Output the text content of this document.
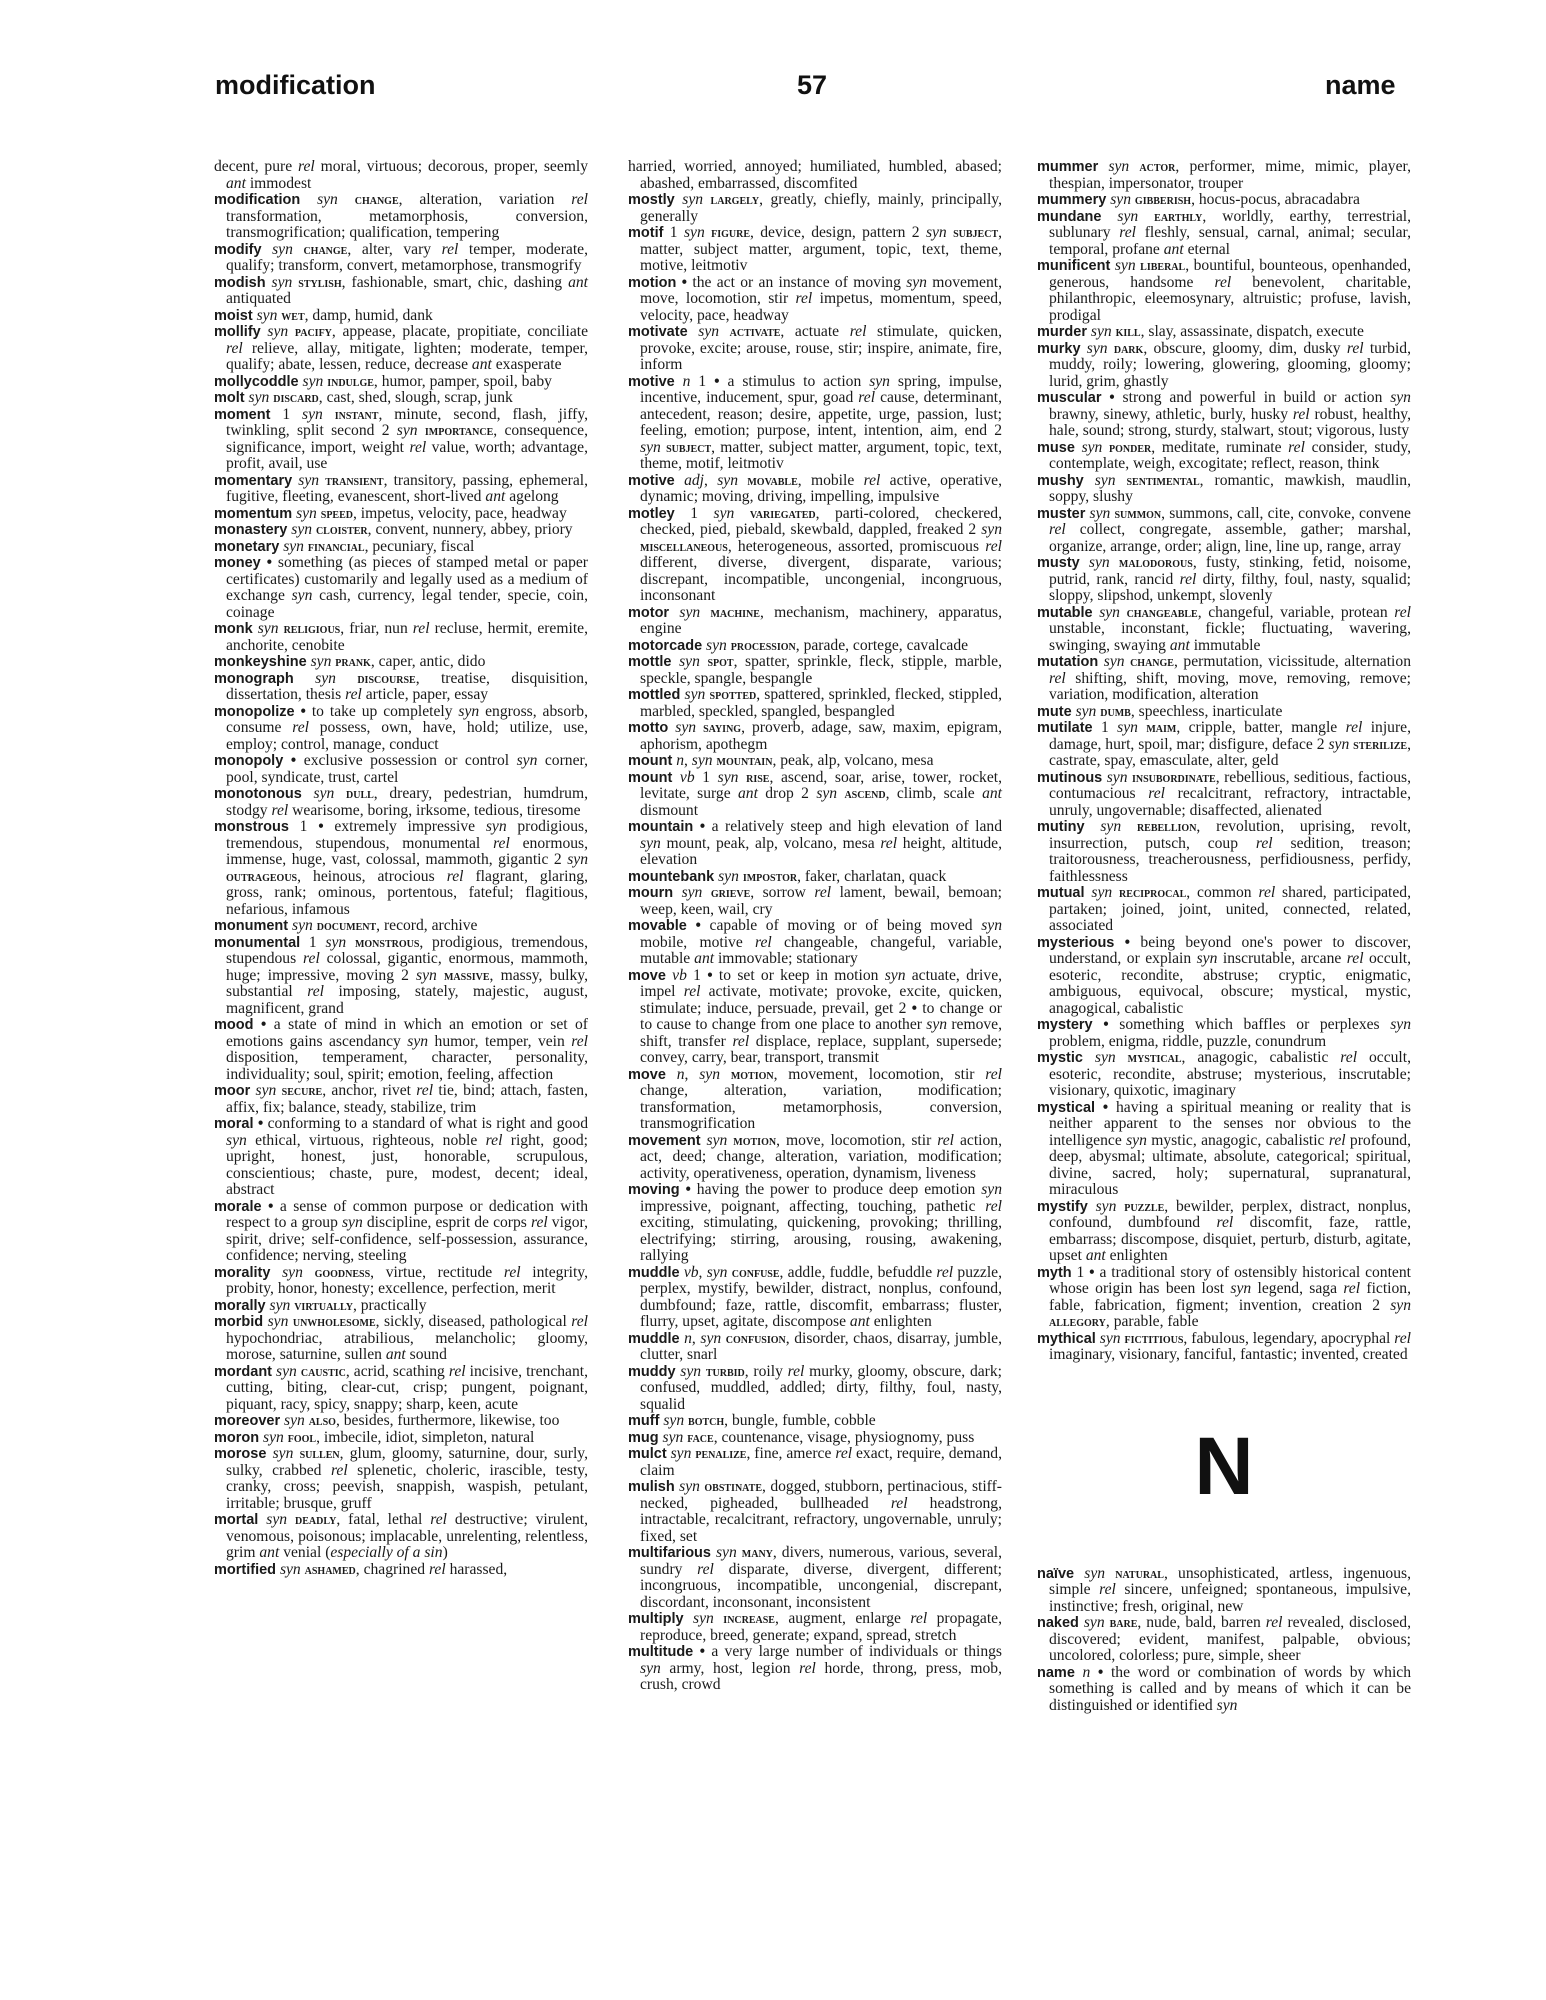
modification	57	name

decent, pure rel moral, virtuous; decorous, proper, seemly ant immodest

modification syn change, alteration, variation rel transformation, metamorphosis, conversion, transmogrification; qualification, tempering

modify syn change, alter, vary rel temper, moderate, qualify; transform, convert, metamorphose, transmogrify

modish syn stylish, fashionable, smart, chic, dashing ant antiquated

moist syn wet, damp, humid, dank

mollify syn pacify, appease, placate, propitiate, conciliate rel relieve, allay, mitigate, lighten; moderate, temper, qualify; abate, lessen, reduce, decrease ant exasperate

mollycoddle syn indulge, humor, pamper, spoil, baby

molt syn discard, cast, shed, slough, scrap, junk

moment 1 syn instant, minute, second, flash, jiffy, twinkling, split second 2 syn importance, consequence, significance, import, weight rel value, worth; advantage, profit, avail, use

momentary syn transient, transitory, passing, ephemeral, fugitive, fleeting, evanescent, short-lived ant agelong

momentum syn speed, impetus, velocity, pace, headway

monastery syn cloister, convent, nunnery, abbey, priory

monetary syn financial, pecuniary, fiscal

money • something (as pieces of stamped metal or paper certificates) customarily and legally used as a medium of exchange syn cash, currency, legal tender, specie, coin, coinage

monk syn religious, friar, nun rel recluse, hermit, eremite, anchorite, cenobite

monkeyshine syn prank, caper, antic, dido

monograph syn discourse, treatise, disquisition, dissertation, thesis rel article, paper, essay

monopolize • to take up completely syn engross, absorb, consume rel possess, own, have, hold; utilize, use, employ; control, manage, conduct

monopoly • exclusive possession or control syn corner, pool, syndicate, trust, cartel

monotonous syn dull, dreary, pedestrian, humdrum, stodgy rel wearisome, boring, irksome, tedious, tiresome

monstrous 1 • extremely impressive syn prodigious, tremendous, stupendous, monumental rel enormous, immense, huge, vast, colossal, mammoth, gigantic 2 syn outrageous, heinous, atrocious rel flagrant, glaring, gross, rank; ominous, portentous, fateful; flagitious, nefarious, infamous

monument syn document, record, archive

monumental 1 syn monstrous, prodigious, tremendous, stupendous rel colossal, gigantic, enormous, mammoth, huge; impressive, moving 2 syn massive, massy, bulky, substantial rel imposing, stately, majestic, august, magnificent, grand

mood • a state of mind in which an emotion or set of emotions gains ascendancy syn humor, temper, vein rel disposition, temperament, character, personality, individuality; soul, spirit; emotion, feeling, affection

moor syn secure, anchor, rivet rel tie, bind; attach, fasten, affix, fix; balance, steady, stabilize, trim

moral • conforming to a standard of what is right and good syn ethical, virtuous, righteous, noble rel right, good; upright, honest, just, honorable, scrupulous, conscientious; chaste, pure, modest, decent; ideal, abstract

morale • a sense of common purpose or dedication with respect to a group syn discipline, esprit de corps rel vigor, spirit, drive; self-confidence, self-possession, assurance, confidence; nerving, steeling

morality syn goodness, virtue, rectitude rel integrity, probity, honor, honesty; excellence, perfection, merit

morally syn virtually, practically

morbid syn unwholesome, sickly, diseased, pathological rel hypochondriac, atrabilious, melancholic; gloomy, morose, saturnine, sullen ant sound

mordant syn caustic, acrid, scathing rel incisive, trenchant, cutting, biting, clear-cut, crisp; pungent, poignant, piquant, racy, spicy, snappy; sharp, keen, acute

moreover syn also, besides, furthermore, likewise, too

moron syn fool, imbecile, idiot, simpleton, natural

morose syn sullen, glum, gloomy, saturnine, dour, surly, sulky, crabbed rel splenetic, choleric, irascible, testy, cranky, cross; peevish, snappish, waspish, petulant, irritable; brusque, gruff

mortal syn deadly, fatal, lethal rel destructive; virulent, venomous, poisonous; implacable, unrelenting, relentless, grim ant venial (especially of a sin)

mortified syn ashamed, chagrined rel harassed,

harried, worried, annoyed; humiliated, humbled, abased; abashed, embarrassed, discomfited

mostly syn largely, greatly, chiefly, mainly, principally, generally

motif 1 syn figure, device, design, pattern 2 syn subject, matter, subject matter, argument, topic, text, theme, motive, leitmotiv

motion • the act or an instance of moving syn movement, move, locomotion, stir rel impetus, momentum, speed, velocity, pace, headway

motivate syn activate, actuate rel stimulate, quicken, provoke, excite; arouse, rouse, stir; inspire, animate, fire, inform

motive n 1 • a stimulus to action syn spring, impulse, incentive, inducement, spur, goad rel cause, determinant, antecedent, reason; desire, appetite, urge, passion, lust; feeling, emotion; purpose, intent, intention, aim, end 2 syn subject, matter, subject matter, argument, topic, text, theme, motif, leitmotiv

motive adj, syn movable, mobile rel active, operative, dynamic; moving, driving, impelling, impulsive

motley 1 syn variegated, parti-colored, checkered, checked, pied, piebald, skewbald, dappled, freaked 2 syn miscellaneous, heterogeneous, assorted, promiscuous rel different, diverse, divergent, disparate, various; discrepant, incompatible, uncongenial, incongruous, inconsonant

motor syn machine, mechanism, machinery, apparatus, engine

motorcade syn procession, parade, cortege, cavalcade

mottle syn spot, spatter, sprinkle, fleck, stipple, marble, speckle, spangle, bespangle

mottled syn spotted, spattered, sprinkled, flecked, stippled, marbled, speckled, spangled, bespangled

motto syn saying, proverb, adage, saw, maxim, epigram, aphorism, apothegm

mount n, syn mountain, peak, alp, volcano, mesa

mount vb 1 syn rise, ascend, soar, arise, tower, rocket, levitate, surge ant drop 2 syn ascend, climb, scale ant dismount

mountain • a relatively steep and high elevation of land syn mount, peak, alp, volcano, mesa rel height, altitude, elevation

mountebank syn impostor, faker, charlatan, quack

mourn syn grieve, sorrow rel lament, bewail, bemoan; weep, keen, wail, cry

movable • capable of moving or of being moved syn mobile, motive rel changeable, changeful, variable, mutable ant immovable; stationary

move vb 1 • to set or keep in motion syn actuate, drive, impel rel activate, motivate; provoke, excite, quicken, stimulate; induce, persuade, prevail, get 2 • to change or to cause to change from one place to another syn remove, shift, transfer rel displace, replace, supplant, supersede; convey, carry, bear, transport, transmit

move n, syn motion, movement, locomotion, stir rel change, alteration, variation, modification; transformation, metamorphosis, conversion, transmogrification

movement syn motion, move, locomotion, stir rel action, act, deed; change, alteration, variation, modification; activity, operativeness, operation, dynamism, liveness

moving • having the power to produce deep emotion syn impressive, poignant, affecting, touching, pathetic rel exciting, stimulating, quickening, provoking; thrilling, electrifying; stirring, arousing, rousing, awakening, rallying

muddle vb, syn confuse, addle, fuddle, befuddle rel puzzle, perplex, mystify, bewilder, distract, nonplus, confound, dumbfound; faze, rattle, discomfit, embarrass; fluster, flurry, upset, agitate, discompose ant enlighten

muddle n, syn confusion, disorder, chaos, disarray, jumble, clutter, snarl

muddy syn turbid, roily rel murky, gloomy, obscure, dark; confused, muddled, addled; dirty, filthy, foul, nasty, squalid

muff syn botch, bungle, fumble, cobble

mug syn face, countenance, visage, physiognomy, puss

mulct syn penalize, fine, amerce rel exact, require, demand, claim

mulish syn obstinate, dogged, stubborn, pertinacious, stiff-necked, pigheaded, bullheaded rel headstrong, intractable, recalcitrant, refractory, ungovernable, unruly; fixed, set

multifarious syn many, divers, numerous, various, several, sundry rel disparate, diverse, divergent, different; incongruous, incompatible, uncongenial, discrepant, discordant, inconsonant, inconsistent

multiply syn increase, augment, enlarge rel propagate, reproduce, breed, generate; expand, spread, stretch

multitude • a very large number of individuals or things syn army, host, legion rel horde, throng, press, mob, crush, crowd

mummer syn actor, performer, mime, mimic, player, thespian, impersonator, trouper

mummery syn gibberish, hocus-pocus, abracadabra

mundane syn earthly, worldly, earthy, terrestrial, sublunary rel fleshly, sensual, carnal, animal; secular, temporal, profane ant eternal

munificent syn liberal, bountiful, bounteous, openhanded, generous, handsome rel benevolent, charitable, philanthropic, eleemosynary, altruistic; profuse, lavish, prodigal

murder syn kill, slay, assassinate, dispatch, execute

murky syn dark, obscure, gloomy, dim, dusky rel turbid, muddy, roily; lowering, glowering, glooming, gloomy; lurid, grim, ghastly

muscular • strong and powerful in build or action syn brawny, sinewy, athletic, burly, husky rel robust, healthy, hale, sound; strong, sturdy, stalwart, stout; vigorous, lusty

muse syn ponder, meditate, ruminate rel consider, study, contemplate, weigh, excogitate; reflect, reason, think

mushy syn sentimental, romantic, mawkish, maudlin, soppy, slushy

muster syn summon, summons, call, cite, convoke, convene rel collect, congregate, assemble, gather; marshal, organize, arrange, order; align, line, line up, range, array

musty syn malodorous, fusty, stinking, fetid, noisome, putrid, rank, rancid rel dirty, filthy, foul, nasty, squalid; sloppy, slipshod, unkempt, slovenly

mutable syn changeable, changeful, variable, protean rel unstable, inconstant, fickle; fluctuating, wavering, swinging, swaying ant immutable

mutation syn change, permutation, vicissitude, alternation rel shifting, shift, moving, move, removing, remove; variation, modification, alteration

mute syn dumb, speechless, inarticulate

mutilate 1 syn maim, cripple, batter, mangle rel injure, damage, hurt, spoil, mar; disfigure, deface 2 syn sterilize, castrate, spay, emasculate, alter, geld

mutinous syn insubordinate, rebellious, seditious, factious, contumacious rel recalcitrant, refractory, intractable, unruly, ungovernable; disaffected, alienated

mutiny syn rebellion, revolution, uprising, revolt, insurrection, putsch, coup rel sedition, treason; traitorousness, treacherousness, perfidiousness, perfidy, faithlessness

mutual syn reciprocal, common rel shared, participated, partaken; joined, joint, united, connected, related, associated

mysterious • being beyond one's power to discover, understand, or explain syn inscrutable, arcane rel occult, esoteric, recondite, abstruse; cryptic, enigmatic, ambiguous, equivocal, obscure; mystical, mystic, anagogical, cabalistic

mystery • something which baffles or perplexes syn problem, enigma, riddle, puzzle, conundrum

mystic syn mystical, anagogic, cabalistic rel occult, esoteric, recondite, abstruse; mysterious, inscrutable; visionary, quixotic, imaginary

mystical • having a spiritual meaning or reality that is neither apparent to the senses nor obvious to the intelligence syn mystic, anagogic, cabalistic rel profound, deep, abysmal; ultimate, absolute, categorical; spiritual, divine, sacred, holy; supernatural, supranatural, miraculous

mystify syn puzzle, bewilder, perplex, distract, nonplus, confound, dumbfound rel discomfit, faze, rattle, embarrass; discompose, disquiet, perturb, disturb, agitate, upset ant enlighten

myth 1 • a traditional story of ostensibly historical content whose origin has been lost syn legend, saga rel fiction, fable, fabrication, figment; invention, creation 2 syn allegory, parable, fable

mythical syn fictitious, fabulous, legendary, apocryphal rel imaginary, visionary, fanciful, fantastic; invented, created

N

naïve syn natural, unsophisticated, artless, ingenuous, simple rel sincere, unfeigned; spontaneous, impulsive, instinctive; fresh, original, new

naked syn bare, nude, bald, barren rel revealed, disclosed, discovered; evident, manifest, palpable, obvious; uncolored, colorless; pure, simple, sheer

name n • the word or combination of words by which something is called and by means of which it can be distinguished or identified syn
